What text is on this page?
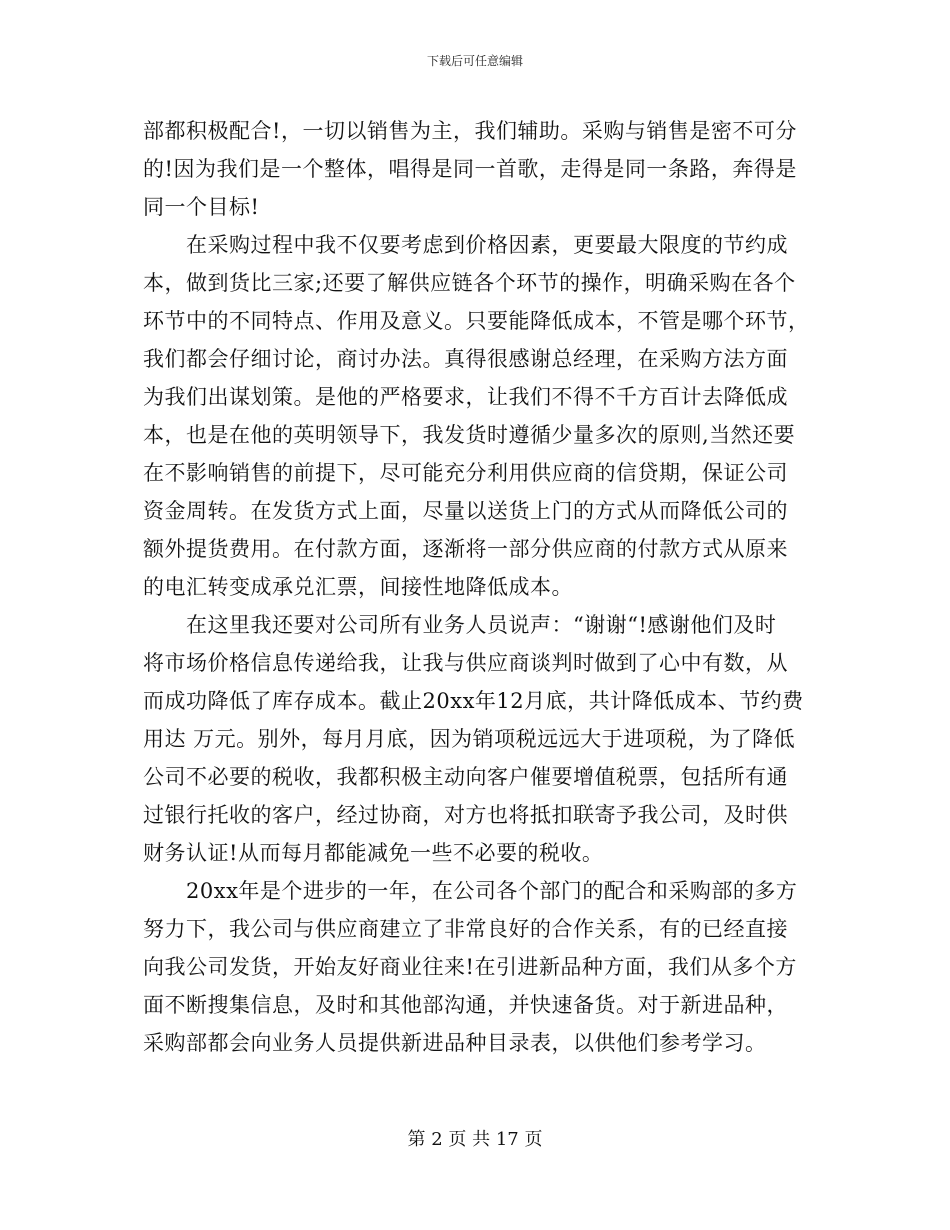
下载后可任意编辑
部都积极配合!，一切以销售为主，我们辅助。采购与销售是密不可分
的!因为我们是一个整体，唱得是同一首歌，走得是同一条路，奔得是
同一个目标!
　　在采购过程中我不仅要考虑到价格因素，更要最大限度的节约成
本，做到货比三家;还要了解供应链各个环节的操作，明确采购在各个
环节中的不同特点、作用及意义。只要能降低成本，不管是哪个环节，
我们都会仔细讨论，商讨办法。真得很感谢总经理，在采购方法方面
为我们出谋划策。是他的严格要求，让我们不得不千方百计去降低成
本，也是在他的英明领导下，我发货时遵循少量多次的原则,当然还要
在不影响销售的前提下，尽可能充分利用供应商的信贷期，保证公司
资金周转。在发货方式上面，尽量以送货上门的方式从而降低公司的
额外提货费用。在付款方面，逐渐将一部分供应商的付款方式从原来
的电汇转变成承兑汇票，间接性地降低成本。
　　在这里我还要对公司所有业务人员说声：“谢谢“!感谢他们及时
将市场价格信息传递给我，让我与供应商谈判时做到了心中有数，从
而成功降低了库存成本。截止20xx年12月底，共计降低成本、节约费
用达 万元。别外，每月月底，因为销项税远远大于进项税，为了降低
公司不必要的税收，我都积极主动向客户催要增值税票，包括所有通
过银行托收的客户，经过协商，对方也将抵扣联寄予我公司，及时供
财务认证!从而每月都能减免一些不必要的税收。
　　20xx年是个进步的一年，在公司各个部门的配合和采购部的多方
努力下，我公司与供应商建立了非常良好的合作关系，有的已经直接
向我公司发货，开始友好商业往来!在引进新品种方面，我们从多个方
面不断搜集信息，及时和其他部沟通，并快速备货。对于新进品种，
采购部都会向业务人员提供新进品种目录表，以供他们参考学习。
第 2 页 共 17 页
